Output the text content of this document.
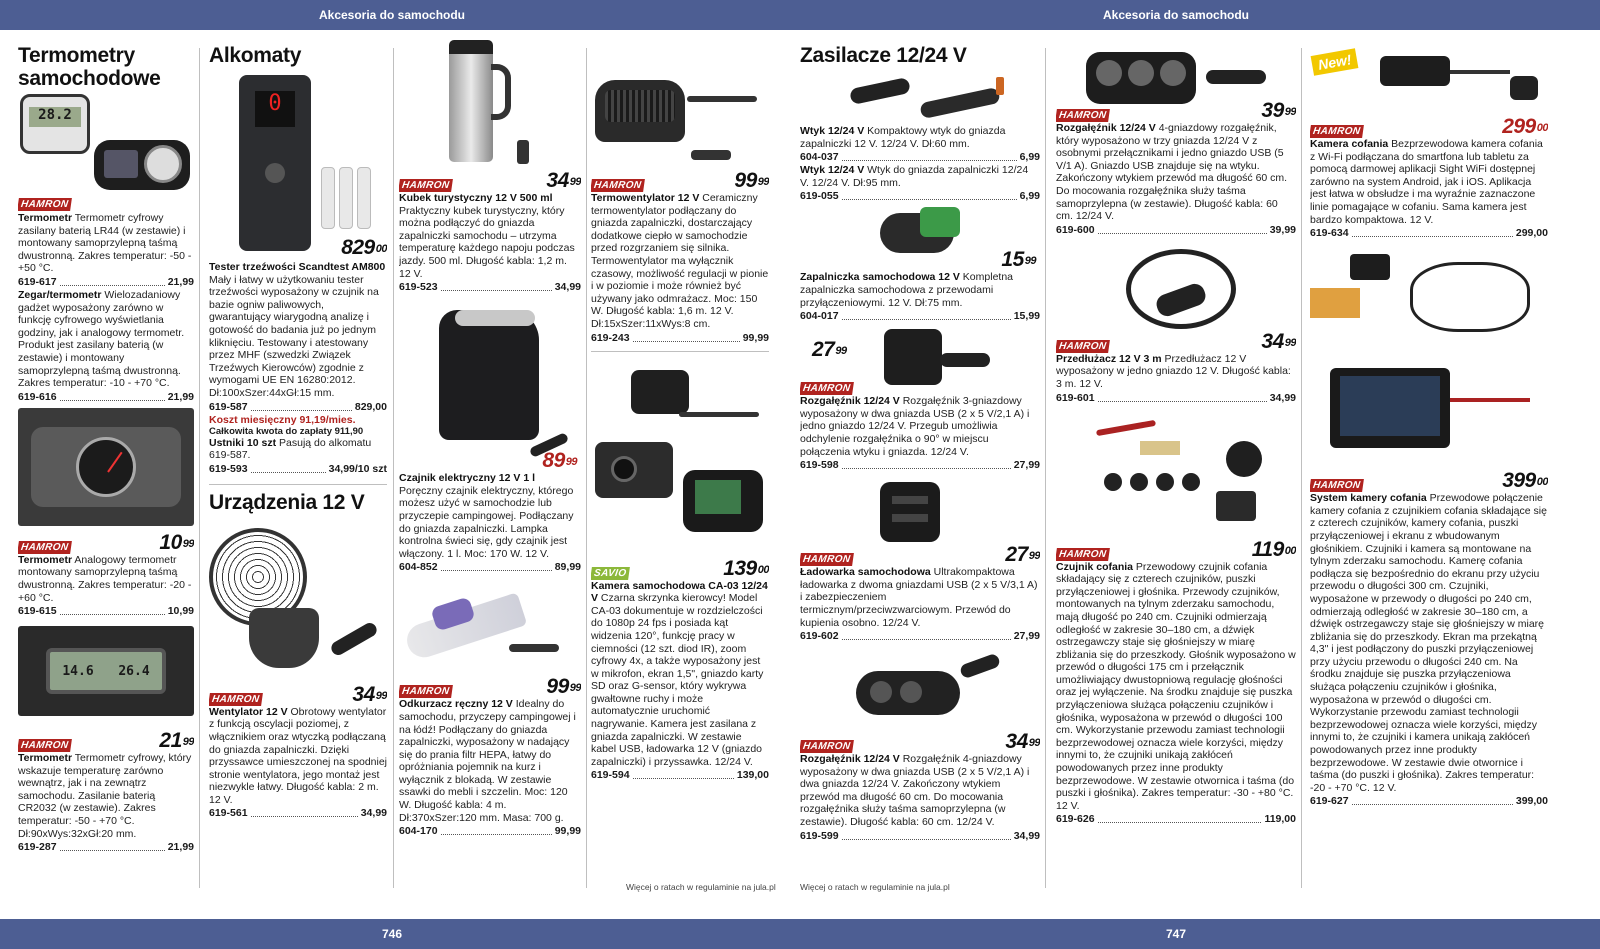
Akcesoria do samochodu	Akcesoria do samochodu
Termometry samochodowe
28.2
HAMRON
Termometr Termometr cyfrowy zasilany baterią LR44 (w zestawie) i montowany samoprzylepną taśmą dwustronną. Zakres temperatur: -50 - +50 °C.
619-617	21,99
Zegar/termometr Wielozadaniowy gadżet wyposażony zarówno w funkcję cyfrowego wyświetlania godziny, jak i analogowy termometr. Produkt jest zasilany baterią (w zestawie) i montowany samoprzylepną taśmą dwustronną. Zakres temperatur: -10 - +70 °C.
619-616	21,99
HAMRON	$10^{99}$
Termometr Analogowy termometr montowany samoprzylepną taśmą dwustronną. Zakres temperatur: -20 - +60 °C.
619-615	10,99
14.6 26.4
HAMRON	$21^{99}$
Termometr Termometr cyfrowy, który wskazuje temperaturę zarówno wewnątrz, jak i na zewnątrz samochodu. Zasilanie baterią CR2032 (w zestawie). Zakres temperatur: -50 - +70 °C. Dł:90xWys:32xGł:20 mm.
619-287	21,99
Alkomaty
0
$829^{00}$
Tester trzeźwości Scandtest AM800 Mały i łatwy w użytkowaniu tester trzeźwości wyposażony w czujnik na bazie ogniw paliwowych, gwarantujący wiarygodną analizę i gotowość do badania już po jednym kliknięciu. Testowany i atestowany przez MHF (szwedzki Związek Trzeźwych Kierowców) zgodnie z wymogami UE EN 16280:2012. Dł:100xSzer:44xGł:15 mm.
619-587	829,00
Koszt miesięczny 91,19/mies.
Całkowita kwota do zapłaty 911,90
Ustniki 10 szt Pasują do alkomatu 619-587.
619-593	34,99/10 szt
Urządzenia 12 V
HAMRON	$34^{99}$
Wentylator 12 V Obrotowy wentylator z funkcją oscylacji poziomej, z włącznikiem oraz wtyczką podłączaną do gniazda zapalniczki. Dzięki przyssawce umieszczonej na spodniej stronie wentylatora, jego montaż jest niezwykle łatwy. Długość kabla: 2 m. 12 V.
619-561	34,99
HAMRON	$34^{99}$
Kubek turystyczny 12 V 500 ml Praktyczny kubek turystyczny, który można podłączyć do gniazda zapalniczki samochodu – utrzyma temperaturę każdego napoju podczas jazdy. 500 ml. Długość kabla: 1,2 m. 12 V.
619-523	34,99
$89^{99}$
Czajnik elektryczny 12 V 1 l Poręczny czajnik elektryczny, którego możesz użyć w samochodzie lub przyczepie campingowej. Podłączany do gniazda zapalniczki. Lampka kontrolna świeci się, gdy czajnik jest włączony. 1 l. Moc: 170 W. 12 V.
604-852	89,99
HAMRON	$99^{99}$
Odkurzacz ręczny 12 V Idealny do samochodu, przyczepy campingowej i na łódź! Podłączany do gniazda zapalniczki, wyposażony w nadający się do prania filtr HEPA, łatwy do opróżniania pojemnik na kurz i wyłącznik z blokadą. W zestawie ssawki do mebli i szczelin. Moc: 120 W. Długość kabla: 4 m. Dł:370xSzer:120 mm. Masa: 700 g.
604-170	99,99
HAMRON	$99^{99}$
Termowentylator 12 V Ceramiczny termowentylator podłączany do gniazda zapalniczki, dostarczający dodatkowe ciepło w samochodzie przed rozgrzaniem się silnika. Termowentylator ma wyłącznik czasowy, możliwość regulacji w pionie i w poziomie i może również być używany jako odmrażacz. Moc: 150 W. Długość kabla: 1,6 m. 12 V. Dł:15xSzer:11xWys:8 cm.
619-243	99,99
SAVIO	$139^{00}$
Kamera samochodowa CA-03 12/24 V Czarna skrzynka kierowcy! Model CA-03 dokumentuje w rozdzielczości do 1080p 24 fps i posiada kąt widzenia 120°, funkcję pracy w ciemności (12 szt. diod IR), zoom cyfrowy 4x, a także wyposażony jest w mikrofon, ekran 1,5", gniazdo karty SD oraz G-sensor, który wykrywa gwałtowne ruchy i może automatycznie uruchomić nagrywanie. Kamera jest zasilana z gniazda zapalniczki. W zestawie kabel USB, ładowarka 12 V (gniazdo zapalniczki) i przyssawka. 12/24 V.
619-594	139,00
Więcej o ratach w regulaminie na jula.pl	Więcej o ratach w regulaminie na jula.pl
Zasilacze 12/24 V
Wtyk 12/24 V Kompaktowy wtyk do gniazda zapalniczki 12 V. 12/24 V. Dł:60 mm.
604-037	6,99
Wtyk 12/24 V Wtyk do gniazda zapalniczki 12/24 V. 12/24 V. Dł:95 mm.
619-055	6,99
$15^{99}$
Zapalniczka samochodowa 12 V Kompletna zapalniczka samochodowa z przewodami przyłączeniowymi. 12 V. Dł:75 mm.
604-017	15,99
$27^{99}$
HAMRON
Rozgałęźnik 12/24 V Rozgałęźnik 3-gniazdowy wyposażony w dwa gniazda USB (2 x 5 V/2,1 A) i jedno gniazdo 12/24 V. Przegub umożliwia odchylenie rozgałęźnika o 90° w miejscu połączenia wtyku i gniazda. 12/24 V.
619-598	27,99
HAMRON	$27^{99}$
Ładowarka samochodowa Ultrakompaktowa ładowarka z dwoma gniazdami USB (2 x 5 V/3,1 A) i zabezpieczeniem termicznym/przeciwzwarciowym. Przewód do kupienia osobno. 12/24 V.
619-602	27,99
HAMRON	$34^{99}$
Rozgałęźnik 12/24 V Rozgałęźnik 4-gniazdowy wyposażony w dwa gniazda USB (2 x 5 V/2,1 A) i dwa gniazda 12/24 V. Zakończony wtykiem przewód ma długość 60 cm. Do mocowania rozgałęźnika służy taśma samoprzylepna (w zestawie). Długość kabla: 60 cm. 12/24 V.
619-599	34,99
HAMRON	$39^{99}$
Rozgałęźnik 12/24 V 4-gniazdowy rozgałęźnik, który wyposażono w trzy gniazda 12/24 V z osobnymi przełącznikami i jedno gniazdo USB (5 V/1 A). Gniazdo USB znajduje się na wtyku. Zakończony wtykiem przewód ma długość 60 cm. Do mocowania rozgałęźnika służy taśma samoprzylepna (w zestawie). Długość kabla: 60 cm. 12/24 V.
619-600	39,99
HAMRON	$34^{99}$
Przedłużacz 12 V 3 m Przedłużacz 12 V wyposażony w jedno gniazdo 12 V. Długość kabla: 3 m. 12 V.
619-601	34,99
HAMRON	$119^{00}$
Czujnik cofania Przewodowy czujnik cofania składający się z czterech czujników, puszki przyłączeniowej i głośnika. Przewody czujników, montowanych na tylnym zderzaku samochodu, mają długość po 240 cm. Czujniki odmierzają odległość w zakresie 30–180 cm, a dźwięk ostrzegawczy staje się głośniejszy w miarę zbliżania się do przeszkody. Głośnik wyposażono w przewód o długości 175 cm i przełącznik umożliwiający dwustopniową regulację głośności oraz jej wyłączenie. Na środku znajduje się puszka przyłączeniowa służąca połączeniu czujników i głośnika, wyposażona w przewód o długości 100 cm. Wykorzystanie przewodu zamiast technologii bezprzewodowej oznacza wiele korzyści, między innymi to, że czujniki unikają zakłóceń powodowanych przez inne produkty bezprzewodowe. W zestawie otwornica i taśma (do puszki i głośnika). Zakres temperatur: -30 - +80 °C. 12 V.
619-626	119,00
New!
$299^{00}$
HAMRON
Kamera cofania Bezprzewodowa kamera cofania z Wi-Fi podłączana do smartfona lub tabletu za pomocą darmowej aplikacji Sight WiFi dostępnej zarówno na system Android, jak i iOS. Aplikacja jest łatwa w obsłudze i ma wyraźnie zaznaczone linie pomagające w cofaniu. Sama kamera jest bardzo kompaktowa. 12 V.
619-634	299,00
HAMRON	$399^{00}$
System kamery cofania Przewodowe połączenie kamery cofania z czujnikiem cofania składające się z czterech czujników, kamery cofania, puszki przyłączeniowej i ekranu z wbudowanym głośnikiem. Czujniki i kamera są montowane na tylnym zderzaku samochodu. Kamerę cofania podłącza się bezpośrednio do ekranu przy użyciu przewodu o długości 300 cm. Czujniki, wyposażone w przewody o długości po 240 cm, odmierzają odległość w zakresie 30–180 cm, a dźwięk ostrzegawczy staje się głośniejszy w miarę zbliżania się do przeszkody. Ekran ma przekątną 4,3" i jest podłączony do puszki przyłączeniowej przy użyciu przewodu o długości 240 cm. Na środku znajduje się puszka przyłączeniowa służąca połączeniu czujników i głośnika, wyposażona w przewód o długości cm. Wykorzystanie przewodu zamiast technologii bezprzewodowej oznacza wiele korzyści, między innymi to, że czujniki i kamera unikają zakłóceń powodowanych przez inne produkty bezprzewodowe. W zestawie dwie otwornice i taśma (do puszki i głośnika). Zakres temperatur: -20 - +70 °C. 12 V.
619-627	399,00
746	747
